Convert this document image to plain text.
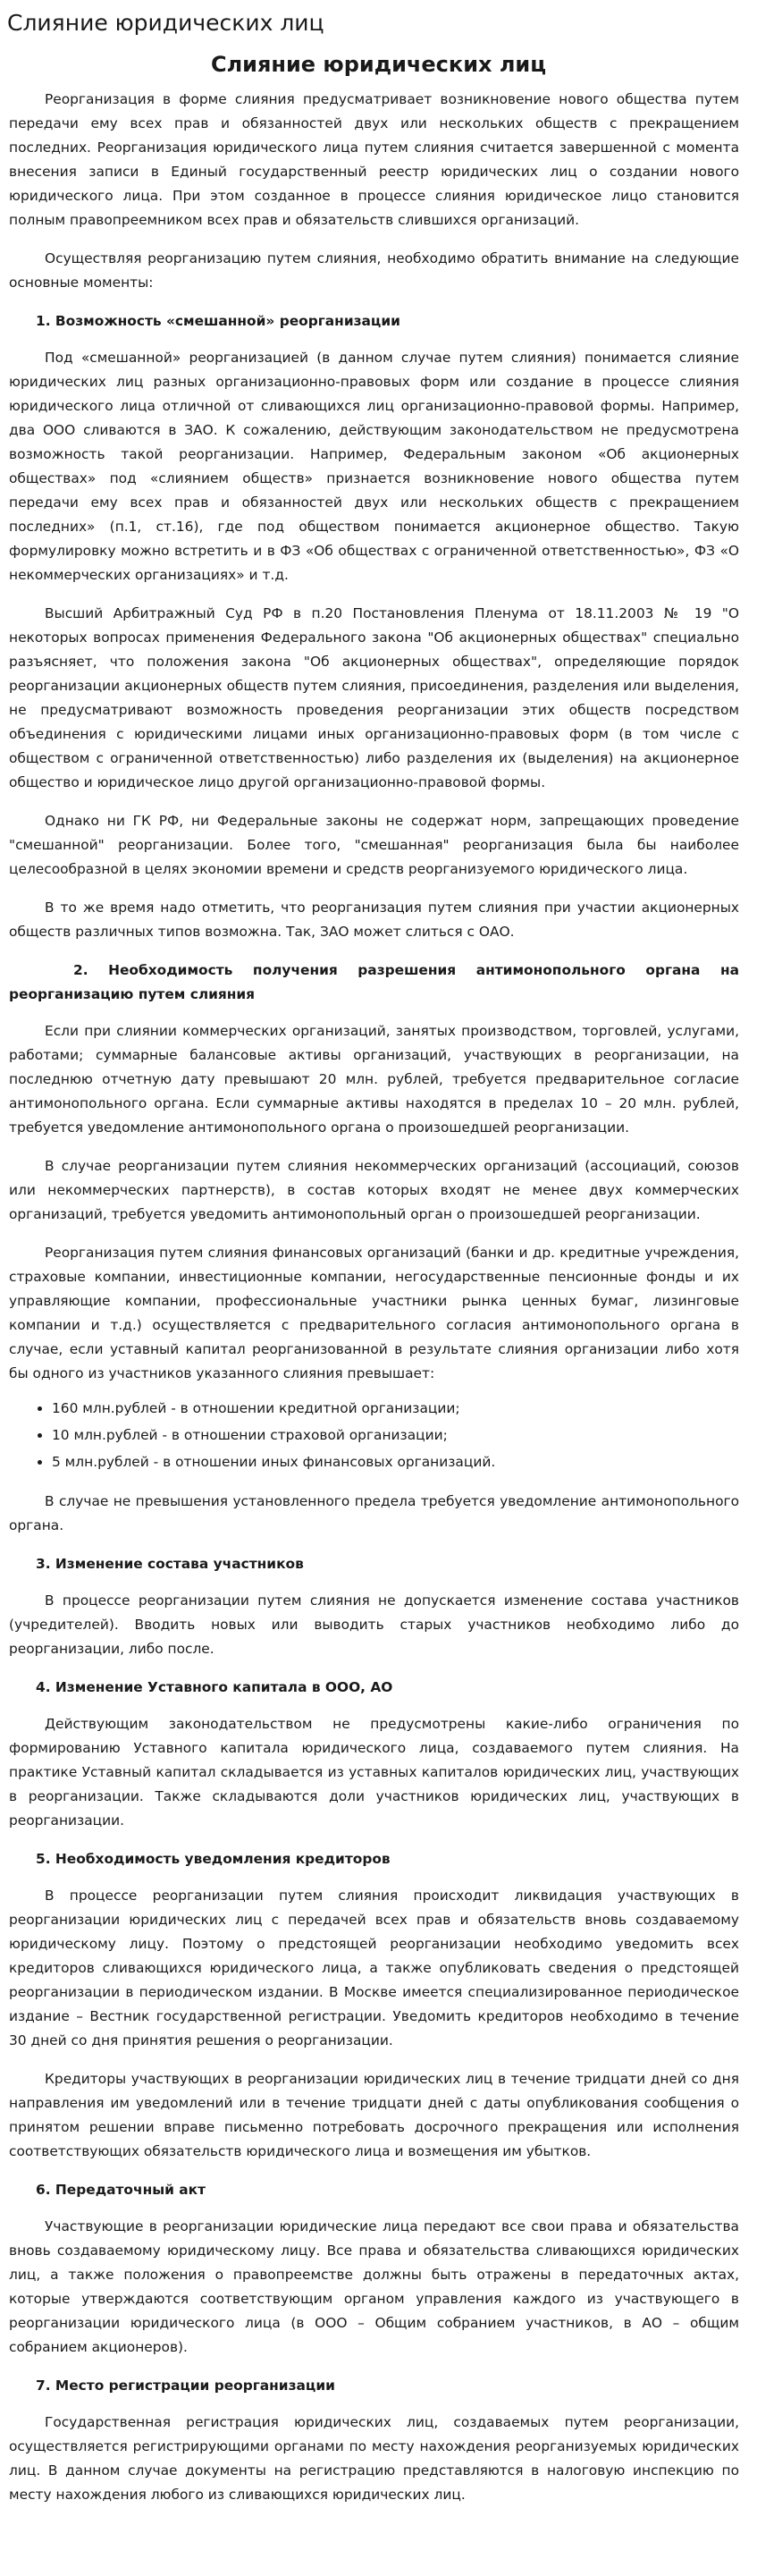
Слияние юридических лиц
Слияние юридических лиц
Реорганизация в форме слияния предусматривает возникновение нового общества путем передачи ему всех прав и обязанностей двух или нескольких обществ с прекращением последних. Реорганизация юридического лица путем слияния считается завершенной с момента внесения записи в Единый государственный реестр юридических лиц о создании нового юридического лица. При этом созданное в процессе слияния юридическое лицо становится полным правопреемником всех прав и обязательств слившихся организаций.
Осуществляя реорганизацию путем слияния, необходимо обратить внимание на следующие основные моменты:
1. Возможность «смешанной» реорганизации
Под «смешанной» реорганизацией (в данном случае путем слияния) понимается слияние юридических лиц разных организационно-правовых форм или создание в процессе слияния юридического лица отличной от сливающихся лиц организационно-правовой формы. Например, два ООО сливаются в ЗАО. К сожалению, действующим законодательством не предусмотрена возможность такой реорганизации. Например, Федеральным законом «Об акционерных обществах» под «слиянием обществ» признается возникновение нового общества путем передачи ему всех прав и обязанностей двух или нескольких обществ с прекращением последних» (п.1, ст.16), где под обществом понимается акционерное общество. Такую формулировку можно встретить и в ФЗ «Об обществах с ограниченной ответственностью», ФЗ «О некоммерческих организациях» и т.д.
Высший Арбитражный Суд РФ в п.20 Постановления Пленума от 18.11.2003 № 19 "О некоторых вопросах применения Федерального закона "Об акционерных обществах" специально разъясняет, что положения закона "Об акционерных обществах", определяющие порядок реорганизации акционерных обществ путем слияния, присоединения, разделения или выделения, не предусматривают возможность проведения реорганизации этих обществ посредством объединения с юридическими лицами иных организационно-правовых форм (в том числе с обществом с ограниченной ответственностью) либо разделения их (выделения) на акционерное общество и юридическое лицо другой организационно-правовой формы.
Однако ни ГК РФ, ни Федеральные законы не содержат норм, запрещающих проведение "смешанной" реорганизации. Более того, "смешанная" реорганизация была бы наиболее целесообразной в целях экономии времени и средств реорганизуемого юридического лица.
В то же время надо отметить, что реорганизация путем слияния при участии акционерных обществ различных типов возможна. Так, ЗАО может слиться с ОАО.
2. Необходимость получения разрешения антимонопольного органа на реорганизацию путем слияния
Если при слиянии коммерческих организаций, занятых производством, торговлей, услугами, работами; суммарные балансовые активы организаций, участвующих в реорганизации, на последнюю отчетную дату превышают 20 млн. рублей, требуется предварительное согласие антимонопольного органа. Если суммарные активы находятся в пределах 10 – 20 млн. рублей, требуется уведомление антимонопольного органа о произошедшей реорганизации.
В случае реорганизации путем слияния некоммерческих организаций (ассоциаций, союзов или некоммерческих партнерств), в состав которых входят не менее двух коммерческих организаций, требуется уведомить антимонопольный орган о произошедшей реорганизации.
Реорганизация путем слияния финансовых организаций (банки и др. кредитные учреждения, страховые компании, инвестиционные компании, негосударственные пенсионные фонды и их управляющие компании, профессиональные участники рынка ценных бумаг, лизинговые компании и т.д.) осуществляется с предварительного согласия антимонопольного органа в случае, если уставный капитал реорганизованной в результате слияния организации либо хотя бы одного из участников указанного слияния превышает:
• 160 млн.рублей - в отношении кредитной организации;
• 10 млн.рублей - в отношении страховой организации;
• 5 млн.рублей - в отношении иных финансовых организаций.
В случае не превышения установленного предела требуется уведомление антимонопольного органа.
3. Изменение состава участников
В процессе реорганизации путем слияния не допускается изменение состава участников (учредителей). Вводить новых или выводить старых участников необходимо либо до реорганизации, либо после.
4. Изменение Уставного капитала в ООО, АО
Действующим законодательством не предусмотрены какие-либо ограничения по формированию Уставного капитала юридического лица, создаваемого путем слияния. На практике Уставный капитал складывается из уставных капиталов юридических лиц, участвующих в реорганизации. Также складываются доли участников юридических лиц, участвующих в реорганизации.
5. Необходимость уведомления кредиторов
В процессе реорганизации путем слияния происходит ликвидация участвующих в реорганизации юридических лиц с передачей всех прав и обязательств вновь создаваемому юридическому лицу. Поэтому о предстоящей реорганизации необходимо уведомить всех кредиторов сливающихся юридического лица, а также опубликовать сведения о предстоящей реорганизации в периодическом издании. В Москве имеется специализированное периодическое издание – Вестник государственной регистрации. Уведомить кредиторов необходимо в течение 30 дней со дня принятия решения о реорганизации.
Кредиторы участвующих в реорганизации юридических лиц в течение тридцати дней со дня направления им уведомлений или в течение тридцати дней с даты опубликования сообщения о принятом решении вправе письменно потребовать досрочного прекращения или исполнения соответствующих обязательств юридического лица и возмещения им убытков.
6. Передаточный акт
Участвующие в реорганизации юридические лица передают все свои права и обязательства вновь создаваемому юридическому лицу. Все права и обязательства сливающихся юридических лиц, а также положения о правопреемстве должны быть отражены в передаточных актах, которые утверждаются соответствующим органом управления каждого из участвующего в реорганизации юридического лица (в ООО – Общим собранием участников, в АО – общим собранием акционеров).
7. Место регистрации реорганизации
Государственная регистрация юридических лиц, создаваемых путем реорганизации, осуществляется регистрирующими органами по месту нахождения реорганизуемых юридических лиц. В данном случае документы на регистрацию представляются в налоговую инспекцию по месту нахождения любого из сливающихся юридических лиц.
